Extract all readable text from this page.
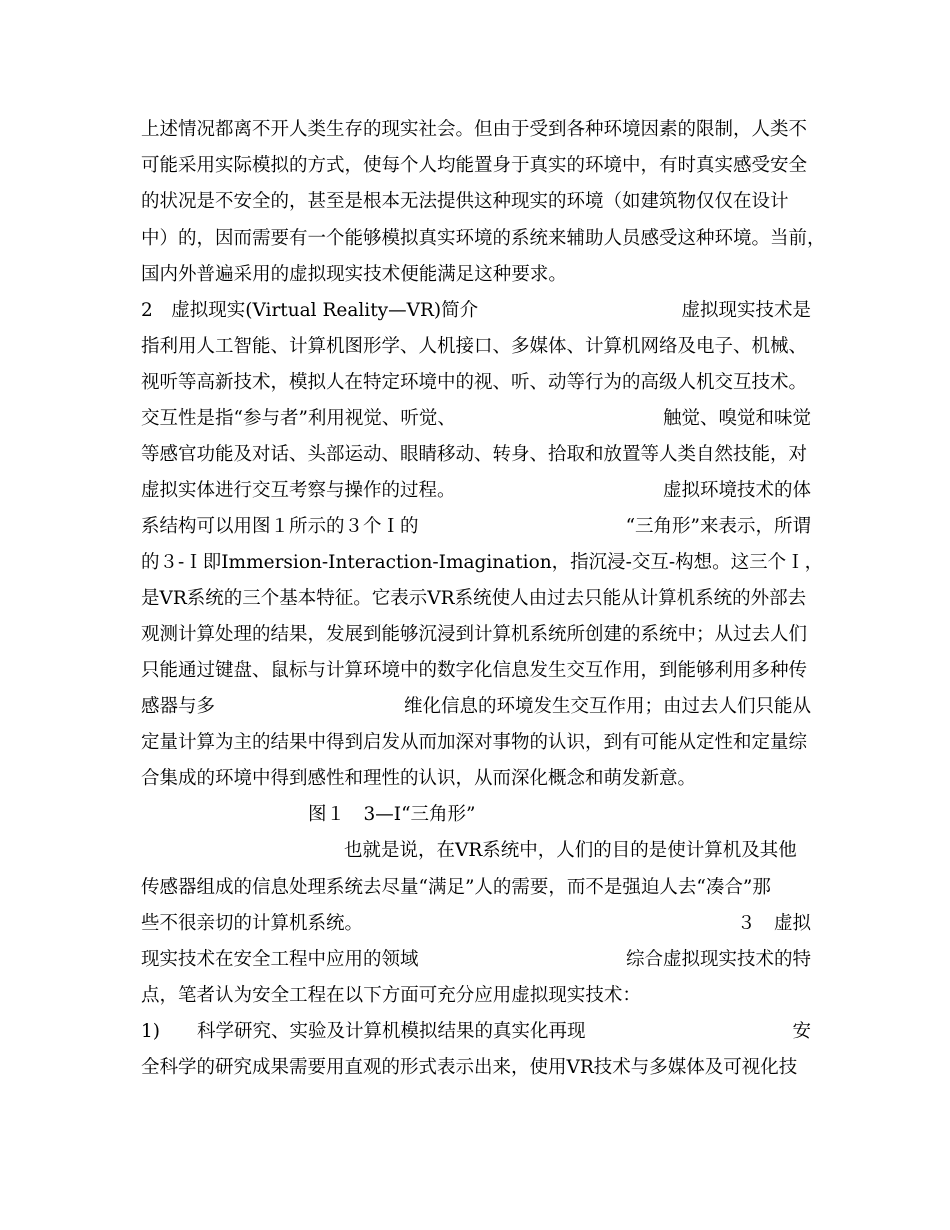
上述情况都离不开人类生存的现实社会。但由于受到各种环境因素的限制，人类不
可能采用实际模拟的方式，使每个人均能置身于真实的环境中，有时真实感受安全
的状况是不安全的，甚至是根本无法提供这种现实的环境（如建筑物仅仅在设计
中）的，因而需要有一个能够模拟真实环境的系统来辅助人员感受这种环境。当前，
国内外普遍采用的虚拟现实技术便能满足这种要求。
2　虚拟现实(Virtual Reality—VR)简介	虚拟现实技术是
指利用人工智能、计算机图形学、人机接口、多媒体、计算机网络及电子、机械、
视听等高新技术，模拟人在特定环境中的视、听、动等行为的高级人机交互技术。
交互性是指“参与者”利用视觉、听觉、	触觉、嗅觉和味觉
等感官功能及对话、头部运动、眼睛移动、转身、拾取和放置等人类自然技能，对
虚拟实体进行交互考察与操作的过程。	虚拟环境技术的体
系结构可以用图１所示的３个Ｉ的	“三角形”来表示，所谓
的３-Ｉ即Immersion-Interaction-Imagination，指沉浸-交互-构想。这三个Ｉ，
是VR系统的三个基本特征。它表示VR系统使人由过去只能从计算机系统的外部去
观测计算处理的结果，发展到能够沉浸到计算机系统所创建的系统中；从过去人们
只能通过键盘、鼠标与计算环境中的数字化信息发生交互作用，到能够利用多种传
感器与多	维化信息的环境发生交互作用；由过去人们只能从
定量计算为主的结果中得到启发从而加深对事物的认识，到有可能从定性和定量综
合集成的环境中得到感性和理性的认识，从而深化概念和萌发新意。
图１　3—I“三角形”
也就是说，在VR系统中，人们的目的是使计算机及其他
传感器组成的信息处理系统去尽量“满足”人的需要，而不是强迫人去“凑合”那
些不很亲切的计算机系统。	３　虚拟
现实技术在安全工程中应用的领域	综合虚拟现实技术的特
点，笔者认为安全工程在以下方面可充分应用虚拟现实技术：
1)　　科学研究、实验及计算机模拟结果的真实化再现	安
全科学的研究成果需要用直观的形式表示出来，使用VR技术与多媒体及可视化技
